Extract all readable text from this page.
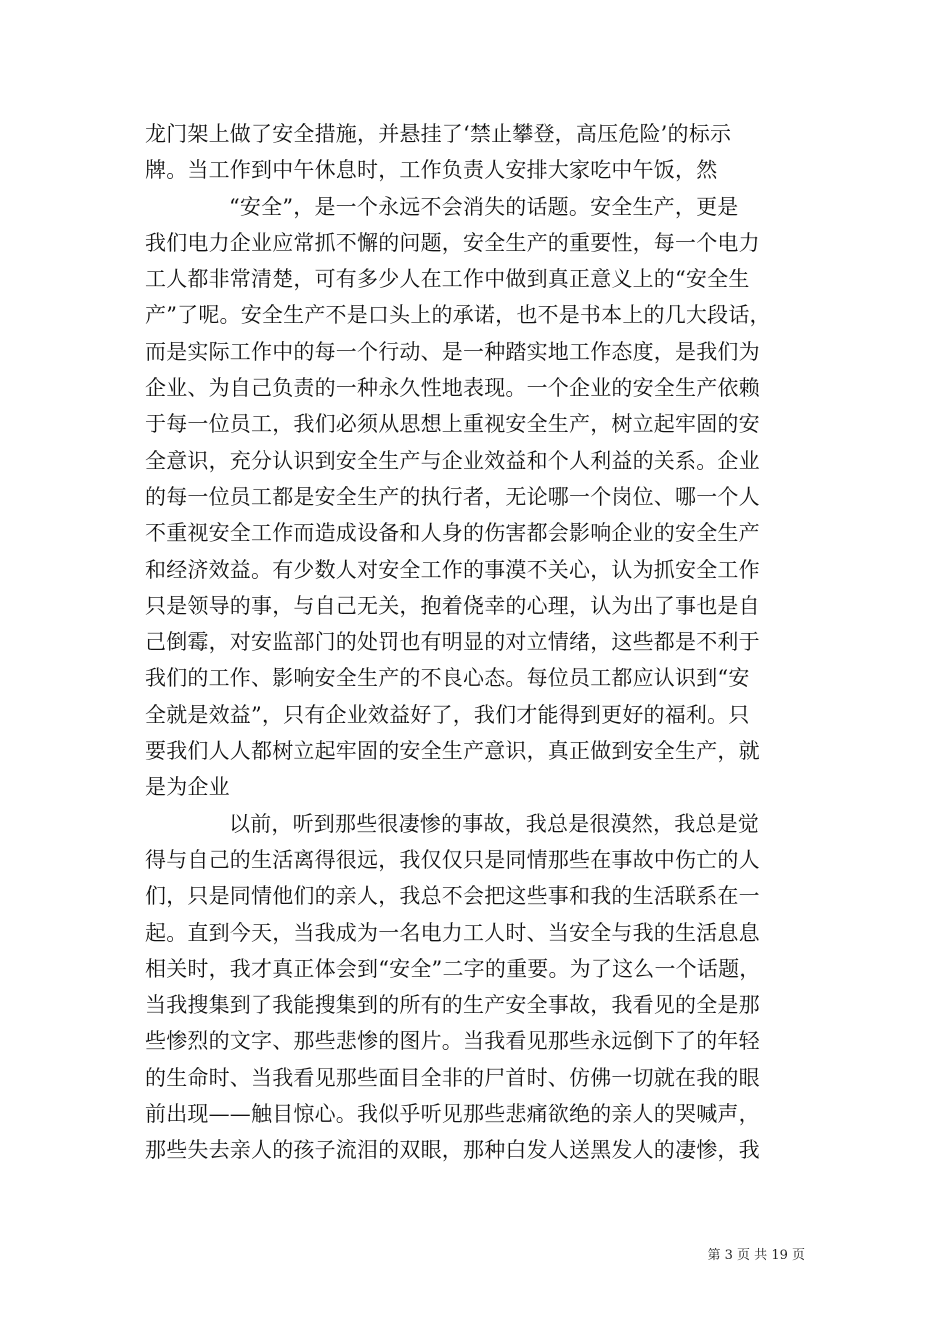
龙门架上做了安全措施，并悬挂了‘禁止攀登，高压危险’的标示
牌。当工作到中午休息时，工作负责人安排大家吃中午饭，然
“安全”，是一个永远不会消失的话题。安全生产，更是
我们电力企业应常抓不懈的问题，安全生产的重要性，每一个电力
工人都非常清楚，可有多少人在工作中做到真正意义上的“安全生
产”了呢。安全生产不是口头上的承诺，也不是书本上的几大段话，
而是实际工作中的每一个行动、是一种踏实地工作态度，是我们为
企业、为自己负责的一种永久性地表现。一个企业的安全生产依赖
于每一位员工，我们必须从思想上重视安全生产，树立起牢固的安
全意识，充分认识到安全生产与企业效益和个人利益的关系。企业
的每一位员工都是安全生产的执行者，无论哪一个岗位、哪一个人
不重视安全工作而造成设备和人身的伤害都会影响企业的安全生产
和经济效益。有少数人对安全工作的事漠不关心，认为抓安全工作
只是领导的事，与自己无关，抱着侥幸的心理，认为出了事也是自
己倒霉，对安监部门的处罚也有明显的对立情绪，这些都是不利于
我们的工作、影响安全生产的不良心态。每位员工都应认识到“安
全就是效益”，只有企业效益好了，我们才能得到更好的福利。只
要我们人人都树立起牢固的安全生产意识，真正做到安全生产，就
是为企业
以前，听到那些很凄惨的事故，我总是很漠然，我总是觉
得与自己的生活离得很远，我仅仅只是同情那些在事故中伤亡的人
们，只是同情他们的亲人，我总不会把这些事和我的生活联系在一
起。直到今天，当我成为一名电力工人时、当安全与我的生活息息
相关时，我才真正体会到“安全”二字的重要。为了这么一个话题，
当我搜集到了我能搜集到的所有的生产安全事故，我看见的全是那
些惨烈的文字、那些悲惨的图片。当我看见那些永远倒下了的年轻
的生命时、当我看见那些面目全非的尸首时、仿佛一切就在我的眼
前出现——触目惊心。我似乎听见那些悲痛欲绝的亲人的哭喊声，
那些失去亲人的孩子流泪的双眼，那种白发人送黑发人的凄惨，我
第 3 页 共 19 页
